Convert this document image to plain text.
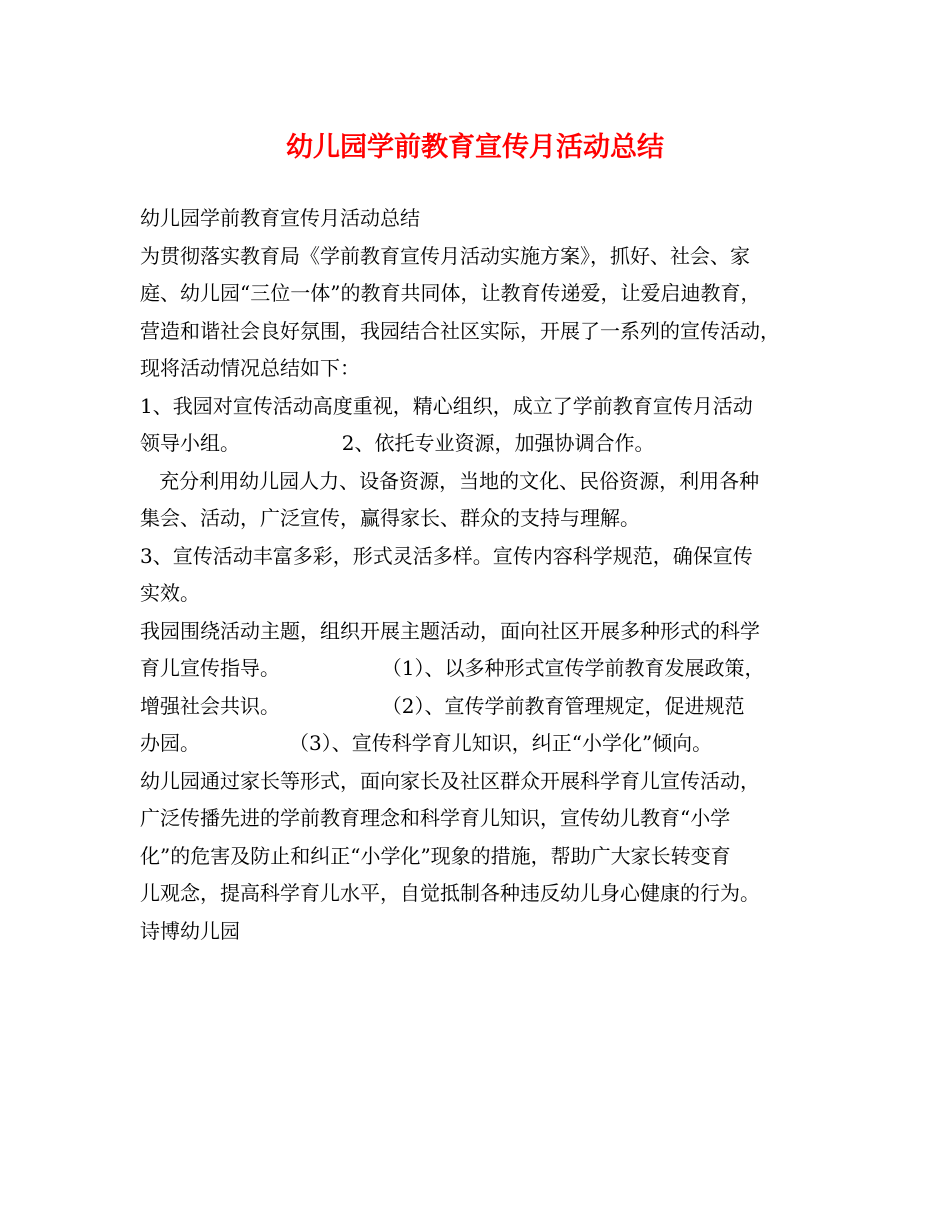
幼儿园学前教育宣传月活动总结
幼儿园学前教育宣传月活动总结
为贯彻落实教育局《学前教育宣传月活动实施方案》，抓好、社会、家
庭、幼儿园“三位一体”的教育共同体，让教育传递爱，让爱启迪教育，
营造和谐社会良好氛围，我园结合社区实际，开展了一系列的宣传活动，
现将活动情况总结如下：
1、我园对宣传活动高度重视，精心组织，成立了学前教育宣传月活动
领导小组。                2、依托专业资源，加强协调合作。
充分利用幼儿园人力、设备资源，当地的文化、民俗资源，利用各种
集会、活动，广泛宣传，赢得家长、群众的支持与理解。
3、宣传活动丰富多彩，形式灵活多样。宣传内容科学规范，确保宣传
实效。
我园围绕活动主题，组织开展主题活动，面向社区开展多种形式的科学
育儿宣传指导。                （1）、以多种形式宣传学前教育发展政策，
增强社会共识。                （2）、宣传学前教育管理规定，促进规范
办园。              （3）、宣传科学育儿知识，纠正“小学化”倾向。
幼儿园通过家长等形式，面向家长及社区群众开展科学育儿宣传活动，
广泛传播先进的学前教育理念和科学育儿知识，宣传幼儿教育“小学
化”的危害及防止和纠正“小学化”现象的措施，帮助广大家长转变育
儿观念，提高科学育儿水平，自觉抵制各种违反幼儿身心健康的行为。
诗博幼儿园
